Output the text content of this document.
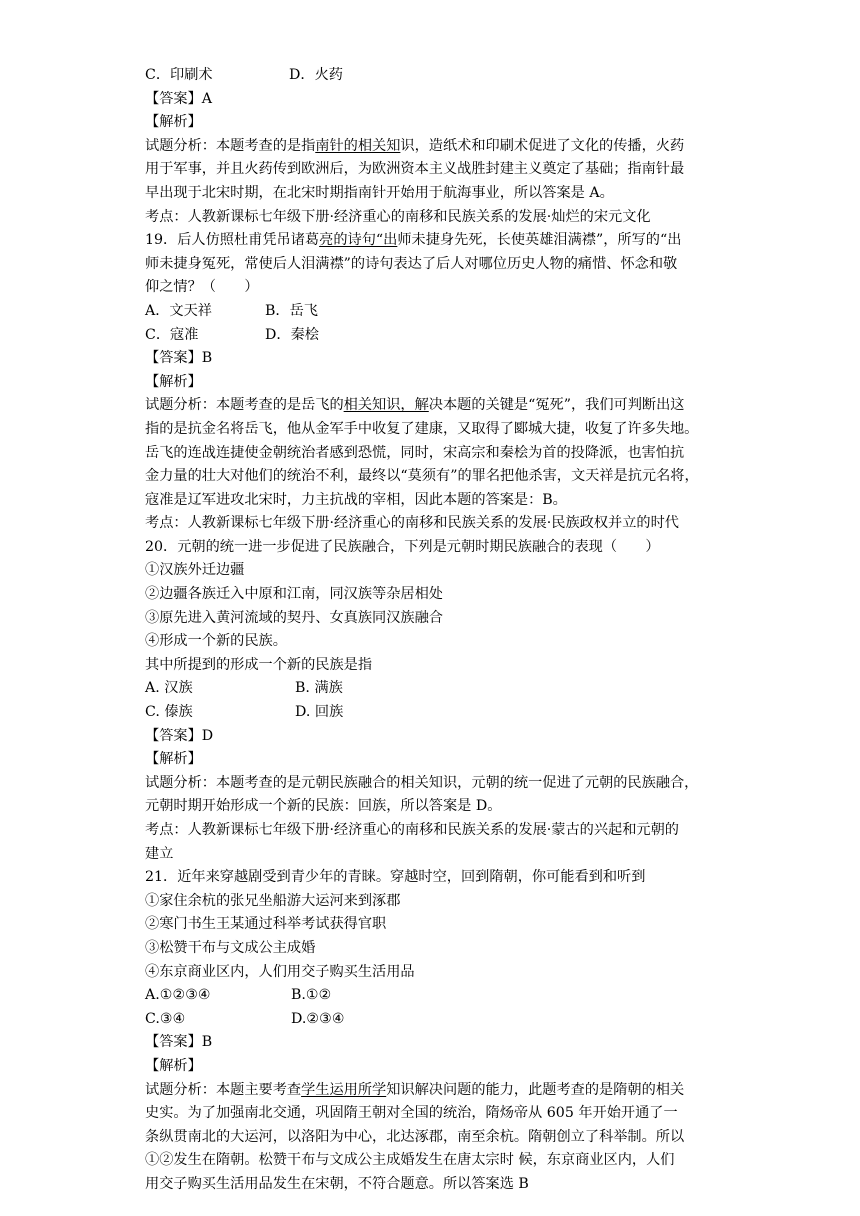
C．印刷术	D．火药
【答案】A
【解析】
试题分析：本题考查的是指南针的相关知识，造纸术和印刷术促进了文化的传播，火药
用于军事，并且火药传到欧洲后，为欧洲资本主义战胜封建主义奠定了基础；指南针最
早出现于北宋时期，在北宋时期指南针开始用于航海事业，所以答案是 A。
考点：人教新课标七年级下册·经济重心的南移和民族关系的发展·灿烂的宋元文化
19．后人仿照杜甫凭吊诸葛亮的诗句“出师未捷身先死，长使英雄泪满襟”，所写的“出
师未捷身冤死，常使后人泪满襟”的诗句表达了后人对哪位历史人物的痛惜、怀念和敬
仰之情？（　　）
A．文天祥	B．岳飞
C．寇准	D．秦桧
【答案】B
【解析】
试题分析：本题考查的是岳飞的相关知识，解决本题的关键是“冤死”，我们可判断出这
指的是抗金名将岳飞，他从金军手中收复了建康，又取得了郾城大捷，收复了许多失地。
岳飞的连战连捷使金朝统治者感到恐慌，同时，宋高宗和秦桧为首的投降派，也害怕抗
金力量的壮大对他们的统治不利，最终以“莫须有”的罪名把他杀害，文天祥是抗元名将，
寇准是辽军进攻北宋时，力主抗战的宰相，因此本题的答案是：B。
考点：人教新课标七年级下册·经济重心的南移和民族关系的发展·民族政权并立的时代
20．元朝的统一进一步促进了民族融合，下列是元朝时期民族融合的表现（　　）
①汉族外迁边疆
②边疆各族迁入中原和江南，同汉族等杂居相处
③原先进入黄河流域的契丹、女真族同汉族融合
④形成一个新的民族。
其中所提到的形成一个新的民族是指
A. 汉族	B. 满族
C. 傣族	D. 回族
【答案】D
【解析】
试题分析：本题考查的是元朝民族融合的相关知识，元朝的统一促进了元朝的民族融合，
元朝时期开始形成一个新的民族：回族，所以答案是 D。
考点：人教新课标七年级下册·经济重心的南移和民族关系的发展·蒙古的兴起和元朝的
建立
21．近年来穿越剧受到青少年的青睐。穿越时空，回到隋朝，你可能看到和听到
①家住余杭的张兄坐船游大运河来到涿郡
②寒门书生王某通过科举考试获得官职
③松赞干布与文成公主成婚
④东京商业区内，人们用交子购买生活用品
A.①②③④	B.①②
C.③④	D.②③④
【答案】B
【解析】
试题分析：本题主要考查学生运用所学知识解决问题的能力，此题考查的是隋朝的相关
史实。为了加强南北交通，巩固隋王朝对全国的统治，隋炀帝从 605 年开始开通了一
条纵贯南北的大运河，以洛阳为中心，北达涿郡，南至余杭。隋朝创立了科举制。所以
①②发生在隋朝。松赞干布与文成公主成婚发生在唐太宗时 候，东京商业区内，人们
用交子购买生活用品发生在宋朝，不符合题意。所以答案选 B
